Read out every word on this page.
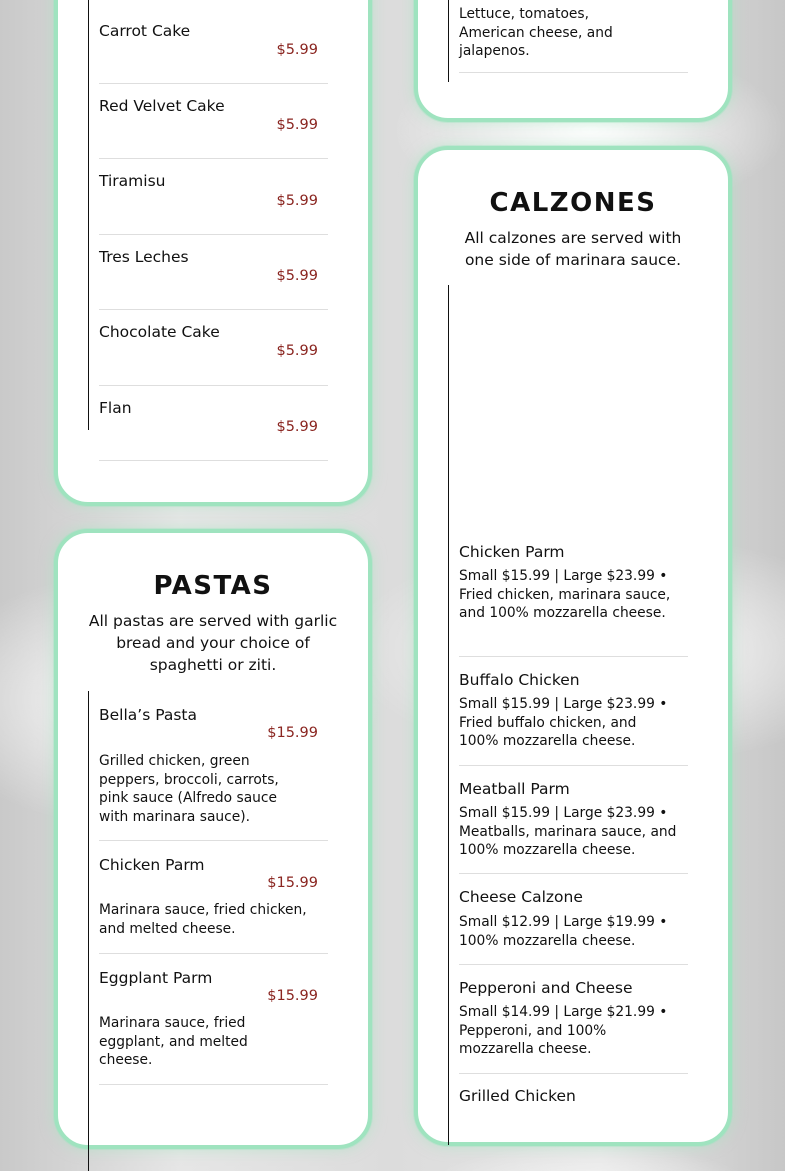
Carrot Cake
$5.99
Red Velvet Cake
$5.99
Tiramisu
$5.99
Tres Leches
$5.99
Chocolate Cake
$5.99
Flan
$5.99
PASTAS
All pastas are served with garlic bread and your choice of spaghetti or ziti.
Bella’s Pasta
$15.99
Grilled chicken, green peppers, broccoli, carrots, pink sauce (Alfredo sauce with marinara sauce).
Chicken Parm
$15.99
Marinara sauce, fried chicken, and melted cheese.
Eggplant Parm
$15.99
Marinara sauce, fried eggplant, and melted cheese.
Lettuce, tomatoes, American cheese, and jalapenos.
CALZONES
All calzones are served with one side of marinara sauce.
Chicken Parm
Small $15.99 | Large $23.99 • Fried chicken, marinara sauce, and 100% mozzarella cheese.
Buffalo Chicken
Small $15.99 | Large $23.99 • Fried buffalo chicken, and 100% mozzarella cheese.
Meatball Parm
Small $15.99 | Large $23.99 • Meatballs, marinara sauce, and 100% mozzarella cheese.
Cheese Calzone
Small $12.99 | Large $19.99 • 100% mozzarella cheese.
Pepperoni and Cheese
Small $14.99 | Large $21.99 • Pepperoni, and 100% mozzarella cheese.
Grilled Chicken
